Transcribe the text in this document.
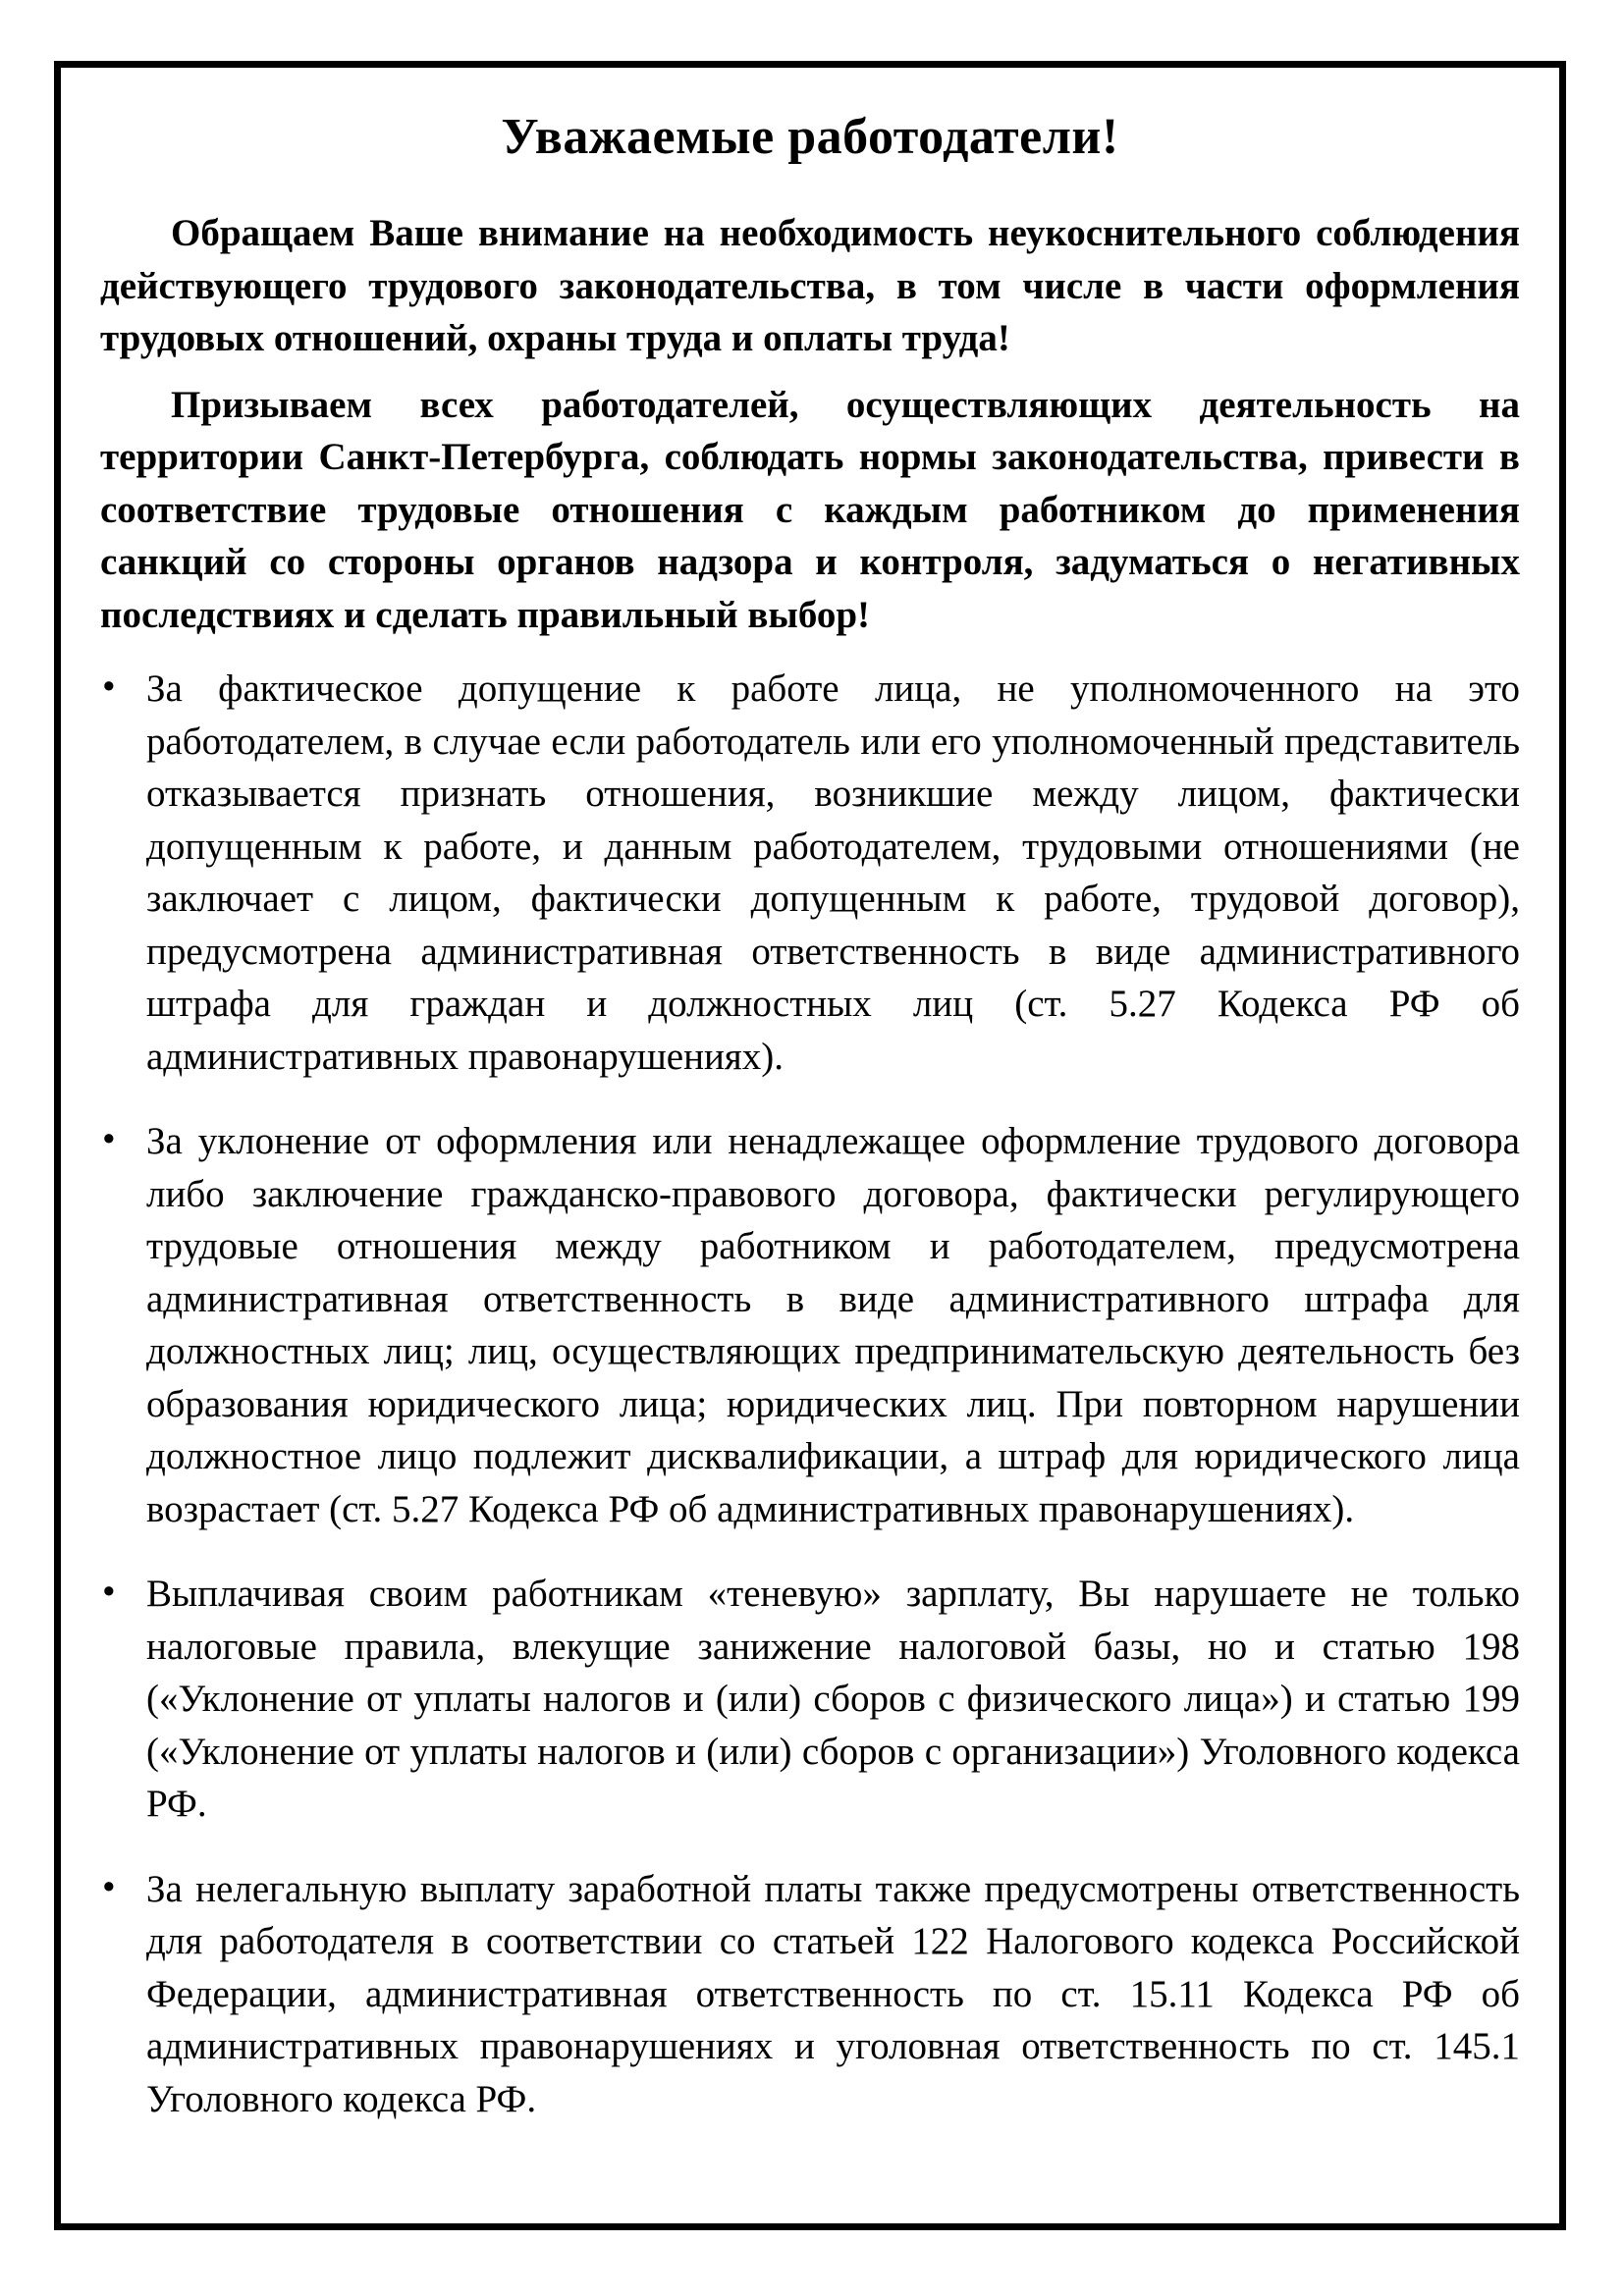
Уважаемые работодатели!

Обращаем Ваше внимание на необходимость неукоснительного соблюдения действующего трудового законодательства, в том числе в части оформления трудовых отношений, охраны труда и оплаты труда!

Призываем всех работодателей, осуществляющих деятельность на территории Санкт-Петербурга, соблюдать нормы законодательства, привести в соответствие трудовые отношения с каждым работником до применения санкций со стороны органов надзора и контроля, задуматься о негативных последствиях и сделать правильный выбор!

• За фактическое допущение к работе лица, не уполномоченного на это работодателем, в случае если работодатель или его уполномоченный представитель отказывается признать отношения, возникшие между лицом, фактически допущенным к работе, и данным работодателем, трудовыми отношениями (не заключает с лицом, фактически допущенным к работе, трудовой договор), предусмотрена административная ответственность в виде административного штрафа для граждан и должностных лиц (ст. 5.27 Кодекса РФ об административных правонарушениях).
• За уклонение от оформления или ненадлежащее оформление трудового договора либо заключение гражданско-правового договора, фактически регулирующего трудовые отношения между работником и работодателем, предусмотрена административная ответственность в виде административного штрафа для должностных лиц; лиц, осуществляющих предпринимательскую деятельность без образования юридического лица; юридических лиц. При повторном нарушении должностное лицо подлежит дисквалификации, а штраф для юридического лица возрастает (ст. 5.27 Кодекса РФ об административных правонарушениях).
• Выплачивая своим работникам «теневую» зарплату, Вы нарушаете не только налоговые правила, влекущие занижение налоговой базы, но и статью 198 («Уклонение от уплаты налогов и (или) сборов с физического лица») и статью 199 («Уклонение от уплаты налогов и (или) сборов с организации») Уголовного кодекса РФ.
• За нелегальную выплату заработной платы также предусмотрены ответственность для работодателя в соответствии со статьей 122 Налогового кодекса Российской Федерации, административная ответственность по ст. 15.11 Кодекса РФ об административных правонарушениях и уголовная ответственность по ст. 145.1 Уголовного кодекса РФ.
